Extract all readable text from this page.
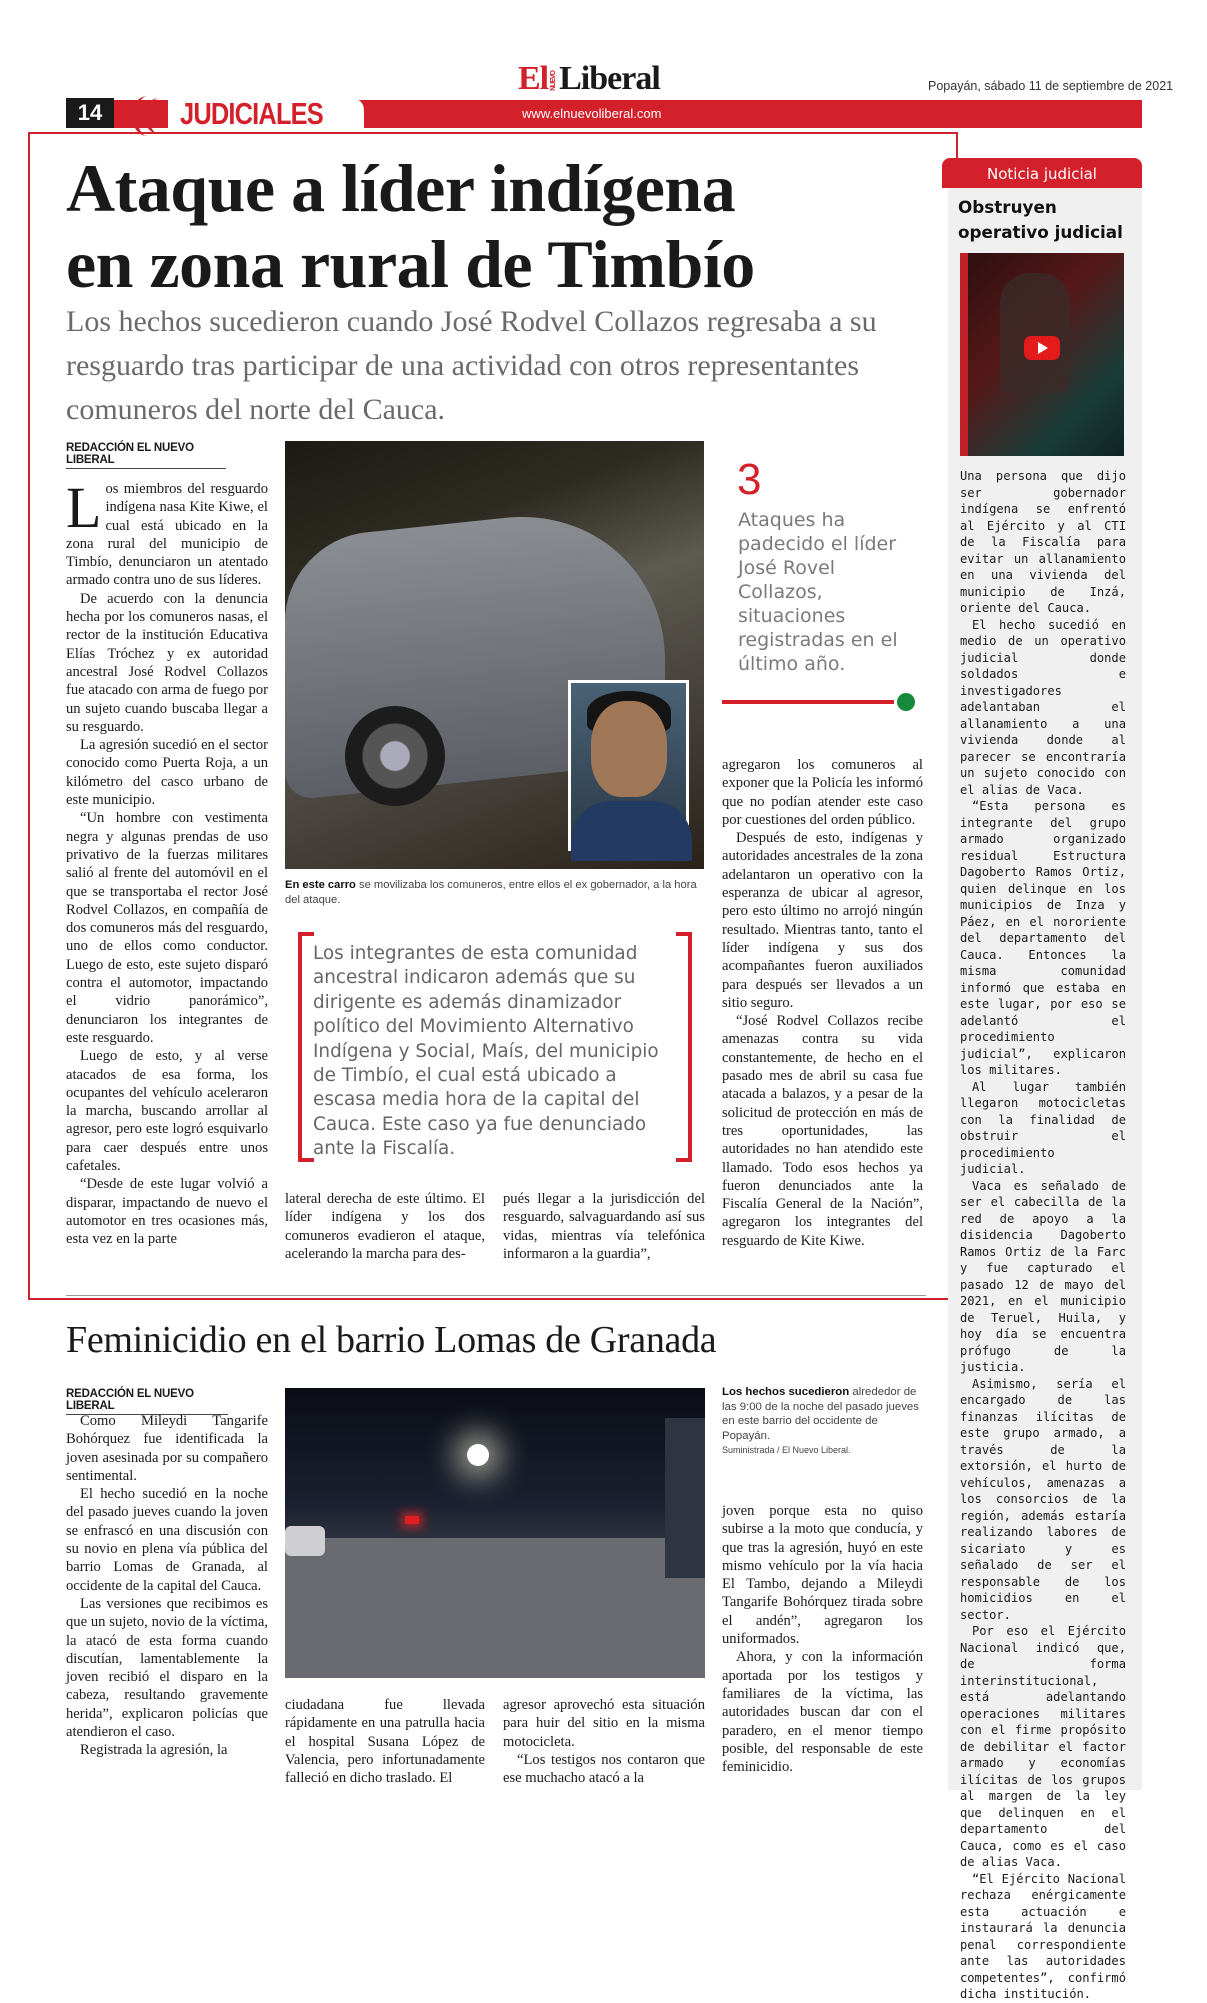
14	JUDICIALES
El NUEVOLiberal
www.elnuevoliberal.com
Popayán, sábado 11 de septiembre de 2021
Ataque a líder indígena
en zona rural de Timbío
Los hechos sucedieron cuando José Rodvel Collazos regresaba a su resguardo tras participar de una actividad con otros representantes comuneros del norte del Cauca.
REDACCIÓN EL NUEVO LIBERAL

Los miembros del resguardo indígena nasa Kite Kiwe, el cual está ubicado en la zona rural del municipio de Timbío, denunciaron un atentado armado contra uno de sus líderes.

De acuerdo con la denuncia hecha por los comuneros nasas, el rector de la institución Educativa Elías Tróchez y ex autoridad ancestral José Rodvel Collazos fue atacado con arma de fuego por un sujeto cuando buscaba llegar a su resguardo.

La agresión sucedió en el sector conocido como Puerta Roja, a un kilómetro del casco urbano de este municipio.

“Un hombre con vestimenta negra y algunas prendas de uso privativo de la fuerzas militares salió al frente del automóvil en el que se transportaba el rector José Rodvel Collazos, en compañía de dos comuneros más del resguardo, uno de ellos como conductor. Luego de esto, este sujeto disparó contra el automotor, impactando el vidrio panorámico”, denunciaron los integrantes de este resguardo.

Luego de esto, y al verse atacados de esa forma, los ocupantes del vehículo aceleraron la marcha, buscando arrollar al agresor, pero este logró esquivarlo para caer después entre unos cafetales.

“Desde de este lugar volvió a disparar, impactando de nuevo el automotor en tres ocasiones más, esta vez en la parte

En este carro se movilizaba los comuneros, entre ellos el ex gobernador, a la hora del ataque.
3
Ataques ha padecido el líder José Rovel Collazos, situaciones registradas en el último año.
Los integrantes de esta comunidad ancestral indicaron además que su dirigente es además dinamizador político del Movimiento Alternativo Indígena y Social, Maís, del municipio de Timbío, el cual está ubicado a escasa media hora de la capital del Cauca. Este caso ya fue denunciado ante la Fiscalía.

lateral derecha de este último. El líder indígena y los dos comuneros evadieron el ataque, acelerando la marcha para des-

pués llegar a la jurisdicción del resguardo, salvaguardando así sus vidas, mientras vía telefónica informaron a la guardia”,

agregaron los comuneros al exponer que la Policía les informó que no podían atender este caso por cuestiones del orden público.

Después de esto, indígenas y autoridades ancestrales de la zona adelantaron un operativo con la esperanza de ubicar al agresor, pero esto último no arrojó ningún resultado. Mientras tanto, tanto el líder indígena y sus dos acompañantes fueron auxiliados para después ser llevados a un sitio seguro.

“José Rodvel Collazos recibe amenazas contra su vida constantemente, de hecho en el pasado mes de abril su casa fue atacada a balazos, y a pesar de la solicitud de protección en más de tres oportunidades, las autoridades no han atendido este llamado. Todo esos hechos ya fueron denunciados ante la Fiscalía General de la Nación”, agregaron los integrantes del resguardo de Kite Kiwe.

Noticia judicial
Obstruyen operativo judicial

Una persona que dijo ser gobernador indígena se enfrentó al Ejército y al CTI de la Fiscalía para evitar un allanamiento en una vivienda del municipio de Inzá, oriente del Cauca.

El hecho sucedió en medio de un operativo judicial donde soldados e investigadores adelantaban el allanamiento a una vivienda donde al parecer se encontraría un sujeto conocido con el alias de Vaca.

“Esta persona es integrante del grupo armado organizado residual Estructura Dagoberto Ramos Ortiz, quien delinque en los municipios de Inza y Páez, en el nororiente del departamento del Cauca. Entonces la misma comunidad informó que estaba en este lugar, por eso se adelantó el procedimiento judicial”, explicaron los militares.

Al lugar también llegaron motocicletas con la finalidad de obstruir el procedimiento judicial.

Vaca es señalado de ser el cabecilla de la red de apoyo a la disidencia Dagoberto Ramos Ortiz de la Farc y fue capturado el pasado 12 de mayo del 2021, en el municipio de Teruel, Huila, y hoy día se encuentra prófugo de la justicia.

Asimismo, sería el encargado de las finanzas ilícitas de este grupo armado, a través de la extorsión, el hurto de vehículos, amenazas a los consorcios de la región, además estaría realizando labores de sicariato y es señalado de ser el responsable de los homicidios en el sector.

Por eso el Ejército Nacional indicó que, de forma interinstitucional, está adelantando operaciones militares con el firme propósito de debilitar el factor armado y economías ilícitas de los grupos al margen de la ley que delinquen en el departamento del Cauca, como es el caso de alias Vaca.

“El Ejército Nacional rechaza enérgicamente esta actuación e instaurará la denuncia penal correspondiente ante las autoridades competentes”, confirmó dicha institución.

Feminicidio en el barrio Lomas de Granada
REDACCIÓN EL NUEVO LIBERAL

Como Mileydi Tangarife Bohórquez fue identificada la joven asesinada por su compañero sentimental.

El hecho sucedió en la noche del pasado jueves cuando la joven se enfrascó en una discusión con su novio en plena vía pública del barrio Lomas de Granada, al occidente de la capital del Cauca.

Las versiones que recibimos es que un sujeto, novio de la víctima, la atacó de esta forma cuando discutían, lamentablemente la joven recibió el disparo en la cabeza, resultando gravemente herida”, explicaron policías que atendieron el caso.

Registrada la agresión, la

Los hechos sucedieron alrededor de las 9:00 de la noche del pasado jueves en este barrio del occidente de Popayán.
Suministrada / El Nuevo Liberal.

ciudadana fue llevada rápidamente en una patrulla hacia el hospital Susana López de Valencia, pero infortunadamente falleció en dicho traslado. El

agresor aprovechó esta situación para huir del sitio en la misma motocicleta.

“Los testigos nos contaron que ese muchacho atacó a la

joven porque esta no quiso subirse a la moto que conducía, y que tras la agresión, huyó en este mismo vehículo por la vía hacia El Tambo, dejando a Mileydi Tangarife Bohórquez tirada sobre el andén”, agregaron los uniformados.

Ahora, y con la información aportada por los testigos y familiares de la víctima, las autoridades buscan dar con el paradero, en el menor tiempo posible, del responsable de este feminicidio.
